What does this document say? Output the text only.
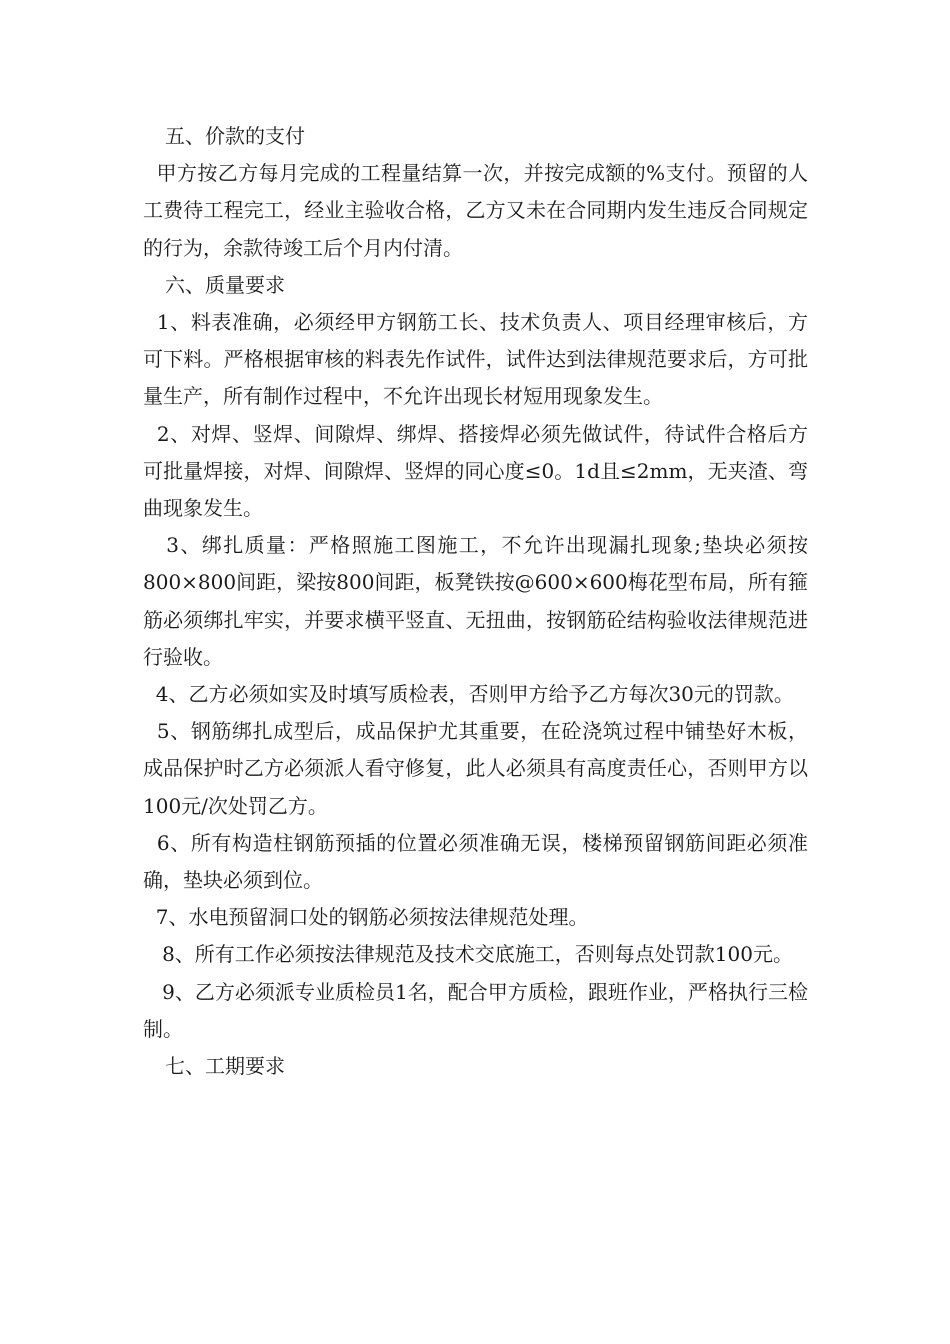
五、价款的支付

甲方按乙方每月完成的工程量结算一次，并按完成额的%支付。预留的人工费待工程完工，经业主验收合格，乙方又未在合同期内发生违反合同规定的行为，余款待竣工后个月内付清。

六、质量要求

1、料表准确，必须经甲方钢筋工长、技术负责人、项目经理审核后，方可下料。严格根据审核的料表先作试件，试件达到法律规范要求后，方可批量生产，所有制作过程中，不允许出现长材短用现象发生。

2、对焊、竖焊、间隙焊、绑焊、搭接焊必须先做试件，待试件合格后方可批量焊接，对焊、间隙焊、竖焊的同心度≤0。1d且≤2mm，无夹渣、弯曲现象发生。

3、绑扎质量：严格照施工图施工，不允许出现漏扎现象;垫块必须按800×800间距，梁按800间距，板凳铁按@600×600梅花型布局，所有箍筋必须绑扎牢实，并要求横平竖直、无扭曲，按钢筋砼结构验收法律规范进行验收。

4、乙方必须如实及时填写质检表，否则甲方给予乙方每次30元的罚款。

5、钢筋绑扎成型后，成品保护尤其重要，在砼浇筑过程中铺垫好木板，成品保护时乙方必须派人看守修复，此人必须具有高度责任心，否则甲方以100元/次处罚乙方。

6、所有构造柱钢筋预插的位置必须准确无误，楼梯预留钢筋间距必须准确，垫块必须到位。

7、水电预留洞口处的钢筋必须按法律规范处理。

8、所有工作必须按法律规范及技术交底施工，否则每点处罚款100元。

9、乙方必须派专业质检员1名，配合甲方质检，跟班作业，严格执行三检制。

七、工期要求
